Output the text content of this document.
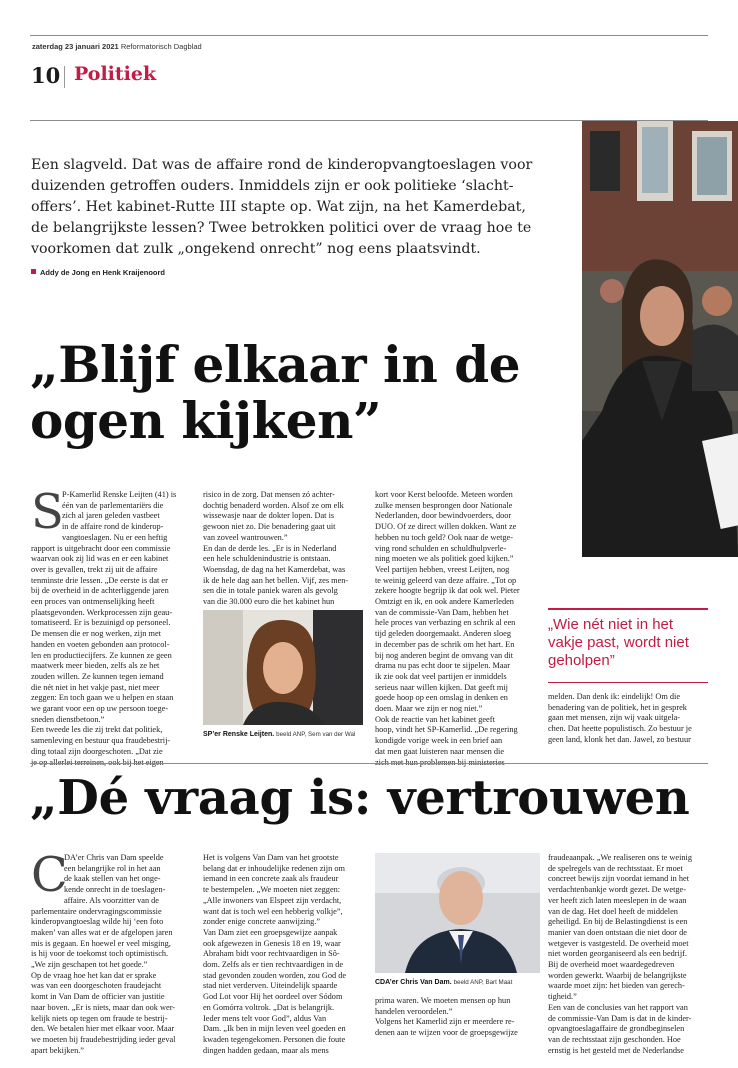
zaterdag 23 januari 2021 Reformatorisch Dagblad
10 Politiek
Een slagveld. Dat was de affaire rond de kinderopvangtoeslagen voor
duizenden getroffen ouders. Inmiddels zijn er ook politieke ‘slacht-
offers’. Het kabinet-Rutte III stapte op. Wat zijn, na het Kamerdebat,
de belangrijkste lessen? Twee betrokken politici over de vraag hoe te
voorkomen dat zulk „ongekend onrecht” nog eens plaatsvindt.
Addy de Jong en Henk Kraijenoord
„Blijf elkaar in de
ogen kijken”
S
P-Kamerlid Renske Leijten (41) is
één van de parlementariërs die
zich al jaren geleden vastbeet
in de affaire rond de kinderop-
vangtoeslagen. Nu er een heftig
rapport is uitgebracht door een commissie
waarvan ook zij lid was en er een kabinet
over is gevallen, trekt zij uit de affaire
tenminste drie lessen. „De eerste is dat er
bij de overheid in de achterliggende jaren
een proces van ontmenselijking heeft
plaatsgevonden. Werkprocessen zijn geau-
tomatiseerd. Er is bezuinigd op personeel.
De mensen die er nog werken, zijn met
handen en voeten gebonden aan protocol-
len en productiecijfers. Ze kunnen ze geen
maatwerk meer bieden, zelfs als ze het
zouden willen. Ze kunnen tegen iemand
die nét niet in het vakje past, niet meer
zeggen: En toch gaan we u helpen en staan
we garant voor een op uw persoon toege-
sneden dienstbetoon.”
Een tweede les die zij trekt dat politiek,
samenleving en bestuur qua fraudebestrij-
ding totaal zijn doorgeschoten. „Dat zie
risico in de zorg. Dat mensen zó achter-
dochtig benaderd worden. Alsof ze om elk
wissewasje naar de dokter lopen. Dat is
gewoon niet zo. Die benadering gaat uit
van zoveel wantrouwen.”
En dan de derde les. „Er is in Nederland
een hele schuldenindustrie is ontstaan.
Woensdag, de dag na het Kamerdebat, was
ik de hele dag aan het bellen. Vijf, zes men-
sen die in totale paniek waren als gevolg
van die 30.000 euro die het kabinet hun
SP’er Renske Leijten. beeld ANP, Sem van der Wal
kort voor Kerst beloofde. Meteen worden
zulke mensen besprongen door Nationale
Nederlanden, door bewindvoerders, door
DUO. Of ze direct willen dokken. Want ze
hebben nu toch geld? Ook naar de wetge-
ving rond schulden en schuldhulpverle-
ning moeten we als politiek goed kijken.”
Veel partijen hebben, vreest Leijten, nog
te weinig geleerd van deze affaire. „Tot op
zekere hoogte begrijp ik dat ook wel. Pieter
Omtzigt en ik, en ook andere Kamerleden
van de commissie-Van Dam, hebben het
hele proces van verbazing en schrik al een
tijd geleden doorgemaakt. Anderen sloeg
in december pas de schrik om het hart. En
bij nog anderen begint de omvang van dit
drama nu pas echt door te sijpelen. Maar
ik zie ook dat veel partijen er inmiddels
serieus naar willen kijken. Dat geeft mij
goede hoop op een omslag in denken en
doen. Maar we zijn er nog niet.”
Ook de reactie van het kabinet geeft
hoop, vindt het SP-Kamerlid. „De regering
kondigde vorige week in een brief aan
dat men gaat luisteren naar mensen die
„Wie nét niet in het
vakje past, wordt niet
geholpen”
melden. Dan denk ik: eindelijk! Om die
benadering van de politiek, het in gesprek
gaan met mensen, zijn wij vaak uitgela-
chen. Dat heette populistisch. Zo bestuur je
geen land, klonk het dan. Jawel, zo bestuur
„Dé vraag is: vertrouwen
C
DA’er Chris van Dam speelde
een belangrijke rol in het aan
de kaak stellen van het onge-
kende onrecht in de toeslagen-
affaire. Als voorzitter van de
parlementaire ondervragingscommissie
kinderopvangtoeslag wilde hij ‘een foto
maken’ van alles wat er de afgelopen jaren
mis is gegaan. En hoewel er veel misging,
is hij voor de toekomst toch optimistisch.
„We zijn geschapen tot het goede.”
Op de vraag hoe het kan dat er sprake
was van een doorgeschoten fraudejacht
komt in Van Dam de officier van justitie
naar boven. „Er is niets, maar dan ook wer-
kelijk niets op tegen om fraude te bestrij-
den. We betalen hier met elkaar voor. Maar
we moeten bij fraudebestrijding ieder geval
apart bekijken.”
Het is volgens Van Dam van het grootste
belang dat er inhoudelijke redenen zijn om
iemand in een concrete zaak als fraudeur
te bestempelen. „We moeten niet zeggen:
„Alle inwoners van Elspeet zijn verdacht,
want dat is toch wel een hebberig volkje”,
zonder enige concrete aanwijzing.”
Van Dam ziet een groepsgewijze aanpak
ook afgewezen in Genesis 18 en 19, waar
Abraham bidt voor rechtvaardigen in Sô-
dom. Zelfs als er tien rechtvaardigen in de
stad gevonden zouden worden, zou God de
stad niet verderven. Uiteindelijk spaarde
God Lot voor Hij het oordeel over Sódom
en Gomórra voltrok. „Dat is belangrijk.
Ieder mens telt voor God”, aldus Van
Dam. „Ik ben in mijn leven veel goeden en
kwaden tegengekomen. Personen die foute
dingen hadden gedaan, maar als mens
CDA’er Chris Van Dam. beeld ANP, Bart Maat
prima waren. We moeten mensen op hun
handelen veroordelen.”
Volgens het Kamerlid zijn er meerdere re-
denen aan te wijzen voor de groepsgewijze
fraudeaanpak. „We realiseren ons te weinig
de spelregels van de rechtsstaat. Er moet
concreet bewijs zijn voordat iemand in het
verdachtenbankje wordt gezet. De wetge-
ver heeft zich laten meeslepen in de waan
van de dag. Het doel heeft de middelen
geheiligd. En bij de Belastingdienst is een
manier van doen ontstaan die niet door de
wetgever is vastgesteld. De overheid moet
niet worden georganiseerd als een bedrijf.
Bij de overheid moet waardegedreven
worden gewerkt. Waarbij de belangrijkste
waarde moet zijn: het bieden van gerech-
tigheid.”
Een van de conclusies van het rapport van
de commissie-Van Dam is dat in de kinder-
opvangtoeslagaffaire de grondbeginselen
van de rechtsstaat zijn geschonden. Hoe
ernstig is het gesteld met de Nederlandse
